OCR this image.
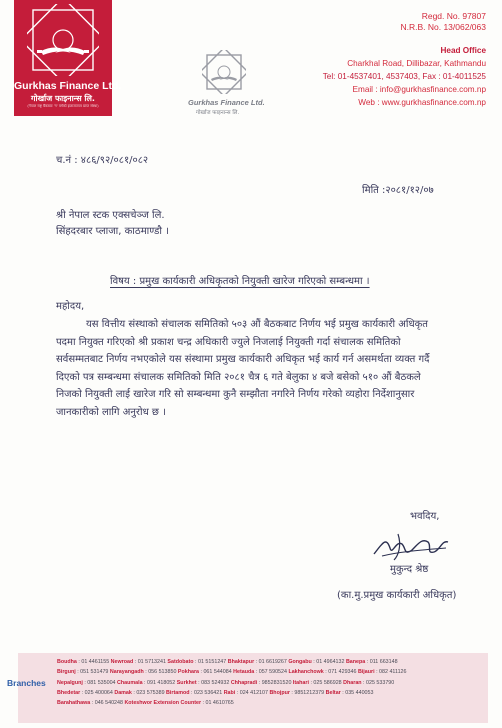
Gurkhas Finance Ltd.
गोर्खाज फाइनान्स लि.
(नेपाल राष्ट्र बैंकबाट 'ग' वर्गको इजाजतपत्र प्राप्त संस्था)	Gurkhas Finance Ltd.
गोर्खाज फाइनान्स लि.
Regd. No. 97807
N.R.B. No. 13/062/063
Head Office
Charkhal Road, Dillibazar, Kathmandu
Tel: 01-4537401, 4537403, Fax : 01-4011525
Email : info@gurkhasfinance.com.np
Web : www.gurkhasfinance.com.np
च.नं : ४८६/९२/०८१/०८२
मिति :२०८१/१२/०७
श्री नेपाल स्टक एक्सचेञ्ज लि.
सिंहदरबार प्लाजा, काठमाण्डौ ।
विषय : प्रमुख कार्यकारी अधिकृतको नियुक्ती खारेज गरिएको सम्बन्धमा ।
महोदय,

यस वित्तीय संस्थाको संचालक समितिको ५०३ औं बैठकबाट निर्णय भई प्रमुख कार्यकारी अधिकृत

पदमा नियुक्त गरिएको श्री प्रकाश चन्द्र अधिकारी ज्युले निजलाई नियुक्ती गर्दा संचालक समितिको

सर्वसम्मतबाट निर्णय नभएकोले यस संस्थामा प्रमुख कार्यकारी अधिकृत भई कार्य गर्न असमर्थता व्यक्त गर्दै

दिएको पत्र सम्बन्धमा संचालक समितिको मिति २०८१ चैत्र ६ गते बेलुका ४ बजे बसेको ५१० औं बैठकले

निजको नियुक्ती लाई खारेज गरि सो सम्बन्धमा कुनै सम्झौता नगरिने निर्णय गरेको व्यहोरा निर्देशानुसार

जानकारीको लागि अनुरोध छ ।

भवदिय,
मुकुन्द श्रेष्ठ
(का.मु.प्रमुख कार्यकारी अधिकृत)
Branches
Boudha : 01 4461155 Newroad : 01 5713241 Satdobato : 01 5151247 Bhaktapur : 01 6619267 Gongabu : 01 4964132 Banepa : 011 663148
Birgunj : 051 531479 Narayangadh : 056 513850 Pokhara : 061 544084 Hetauda : 057 590524 Lakhanchowk : 071 429346 Bijauri : 082 411126
Nepalgunj : 081 535004 Chaumala : 091 418052 Surkhet : 083 524932 Chhapradi : 9852831520 Itahari : 025 586928 Dharan : 025 533790
Bhedetar : 025 400064 Damak : 023 575389 Birtamod : 023 536421 Rabi : 024 412107 Bhojpur : 9851212379 Beltar : 035 440053
Barahathawa : 046 540248 Koteshwor Extension Counter : 01 4610765
